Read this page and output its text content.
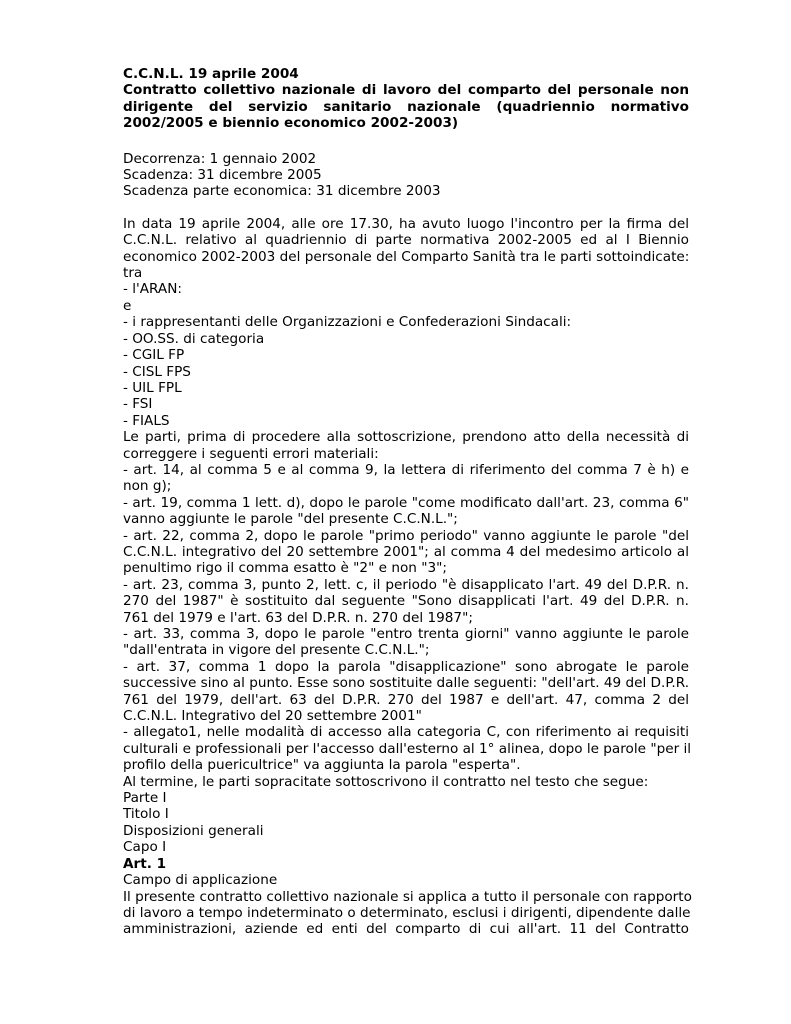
C.C.N.L. 19 aprile 2004
Contratto collettivo nazionale di lavoro del comparto del personale non
dirigente del servizio sanitario nazionale (quadriennio normativo
2002/2005 e biennio economico 2002-2003)
Decorrenza: 1 gennaio 2002
Scadenza: 31 dicembre 2005
Scadenza parte economica: 31 dicembre 2003
In data 19 aprile 2004, alle ore 17.30, ha avuto luogo l'incontro per la firma del
C.C.N.L. relativo al quadriennio di parte normativa 2002-2005 ed al I Biennio
economico 2002-2003 del personale del Comparto Sanità tra le parti sottoindicate:
tra
- l'ARAN:
e
- i rappresentanti delle Organizzazioni e Confederazioni Sindacali:
- OO.SS. di categoria
- CGIL FP
- CISL FPS
- UIL FPL
- FSI
- FIALS
Le parti, prima di procedere alla sottoscrizione, prendono atto della necessità di
correggere i seguenti errori materiali:
- art. 14, al comma 5 e al comma 9, la lettera di riferimento del comma 7 è h) e
non g);
- art. 19, comma 1 lett. d), dopo le parole "come modificato dall'art. 23, comma 6"
vanno aggiunte le parole "del presente C.C.N.L.";
- art. 22, comma 2, dopo le parole "primo periodo" vanno aggiunte le parole "del
C.C.N.L. integrativo del 20 settembre 2001"; al comma 4 del medesimo articolo al
penultimo rigo il comma esatto è "2" e non "3";
- art. 23, comma 3, punto 2, lett. c, il periodo "è disapplicato l'art. 49 del D.P.R. n.
270 del 1987" è sostituito dal seguente "Sono disapplicati l'art. 49 del D.P.R. n.
761 del 1979 e l'art. 63 del D.P.R. n. 270 del 1987";
- art. 33, comma 3, dopo le parole "entro trenta giorni" vanno aggiunte le parole
"dall'entrata in vigore del presente C.C.N.L.";
- art. 37, comma 1 dopo la parola "disapplicazione" sono abrogate le parole
successive sino al punto. Esse sono sostituite dalle seguenti: "dell'art. 49 del D.P.R.
761 del 1979, dell'art. 63 del D.P.R. 270 del 1987 e dell'art. 47, comma 2 del
C.C.N.L. Integrativo del 20 settembre 2001"
- allegato1, nelle modalità di accesso alla categoria C, con riferimento ai requisiti
culturali e professionali per l'accesso dall'esterno al 1° alinea, dopo le parole "per il
profilo della puericultrice" va aggiunta la parola "esperta".
Al termine, le parti sopracitate sottoscrivono il contratto nel testo che segue:
Parte I
Titolo I
Disposizioni generali
Capo I
Art. 1
Campo di applicazione
Il presente contratto collettivo nazionale si applica a tutto il personale con rapporto
di lavoro a tempo indeterminato o determinato, esclusi i dirigenti, dipendente dalle
amministrazioni, aziende ed enti del comparto di cui all'art. 11 del Contratto
